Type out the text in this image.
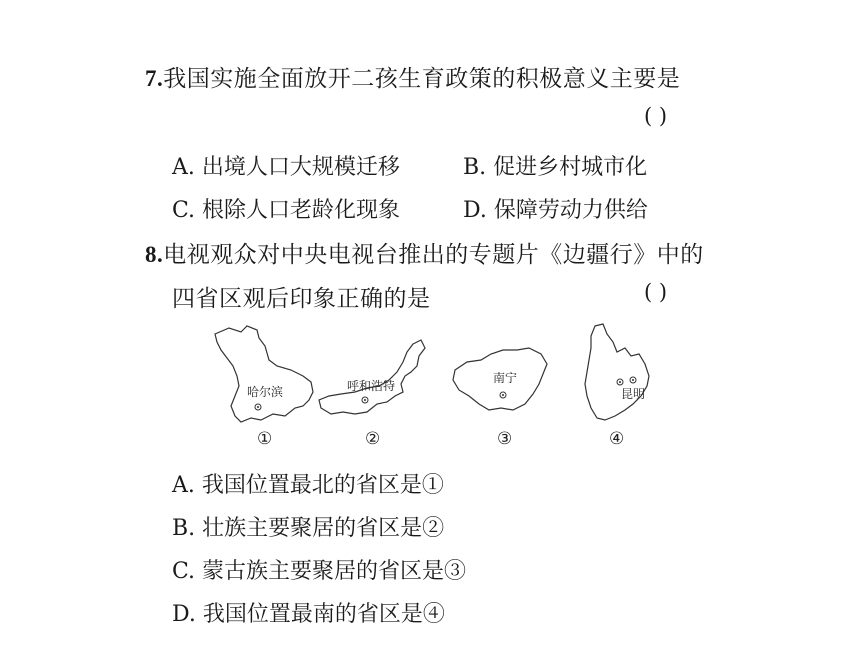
7.我国实施全面放开二孩生育政策的积极意义主要是
( )
A. 出境人口大规模迁移	B. 促进乡村城市化
C. 根除人口老龄化现象	D. 保障劳动力供给
8.电视观众对中央电视台推出的专题片《边疆行》中的
四省区观后印象正确的是	( )
哈尔滨
①
呼和浩特
②
南宁
③
昆明
④
A. 我国位置最北的省区是①
B. 壮族主要聚居的省区是②
C. 蒙古族主要聚居的省区是③
D. 我国位置最南的省区是④
